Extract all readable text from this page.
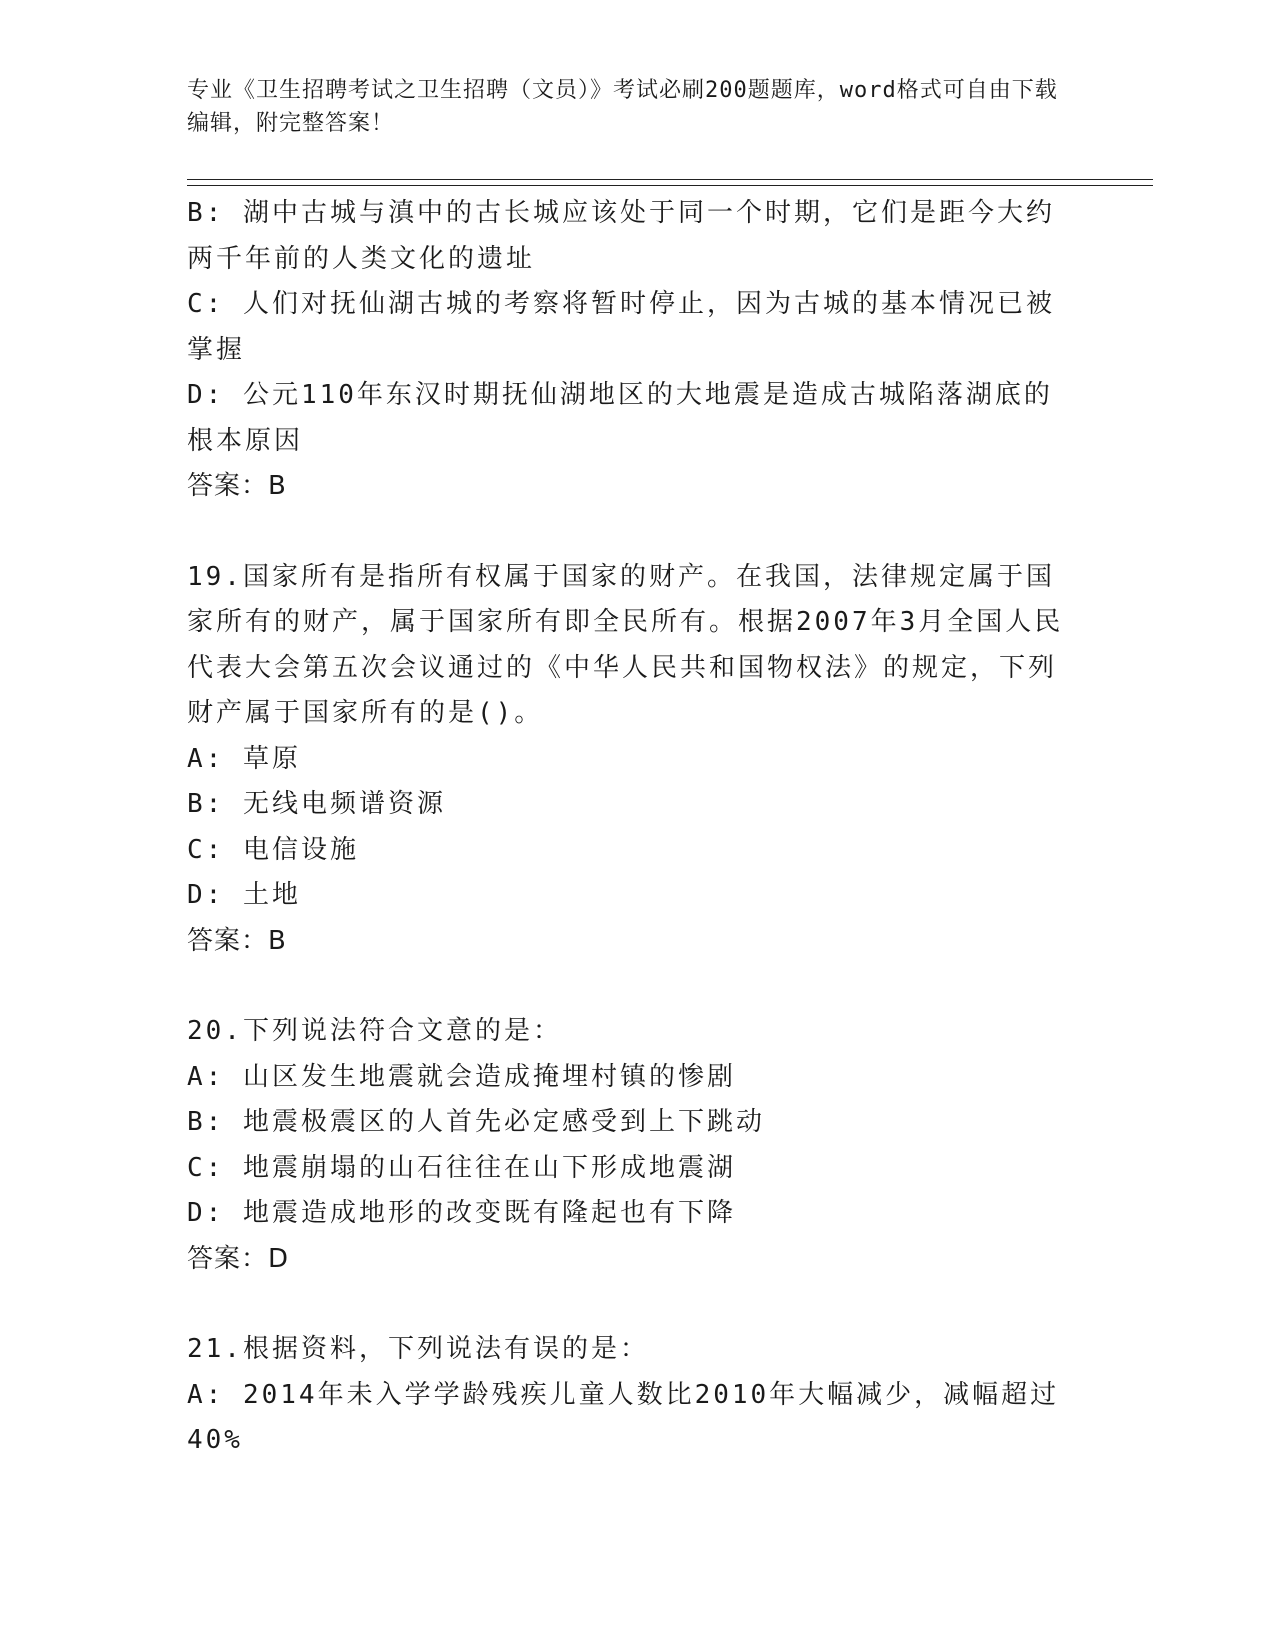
专业《卫生招聘考试之卫生招聘（文员）》考试必刷200题题库，word格式可自由下载编辑，附完整答案！
B: 湖中古城与滇中的古长城应该处于同一个时期，它们是距今大约两千年前的人类文化的遗址
C: 人们对抚仙湖古城的考察将暂时停止，因为古城的基本情况已被掌握
D: 公元110年东汉时期抚仙湖地区的大地震是造成古城陷落湖底的根本原因
答案：B
19.国家所有是指所有权属于国家的财产。在我国，法律规定属于国家所有的财产，属于国家所有即全民所有。根据2007年3月全国人民代表大会第五次会议通过的《中华人民共和国物权法》的规定，下列财产属于国家所有的是()。
A: 草原
B: 无线电频谱资源
C: 电信设施
D: 土地
答案：B
20.下列说法符合文意的是：
A: 山区发生地震就会造成掩埋村镇的惨剧
B: 地震极震区的人首先必定感受到上下跳动
C: 地震崩塌的山石往往在山下形成地震湖
D: 地震造成地形的改变既有隆起也有下降
答案：D
21.根据资料，下列说法有误的是：
A: 2014年未入学学龄残疾儿童人数比2010年大幅减少，减幅超过40%
